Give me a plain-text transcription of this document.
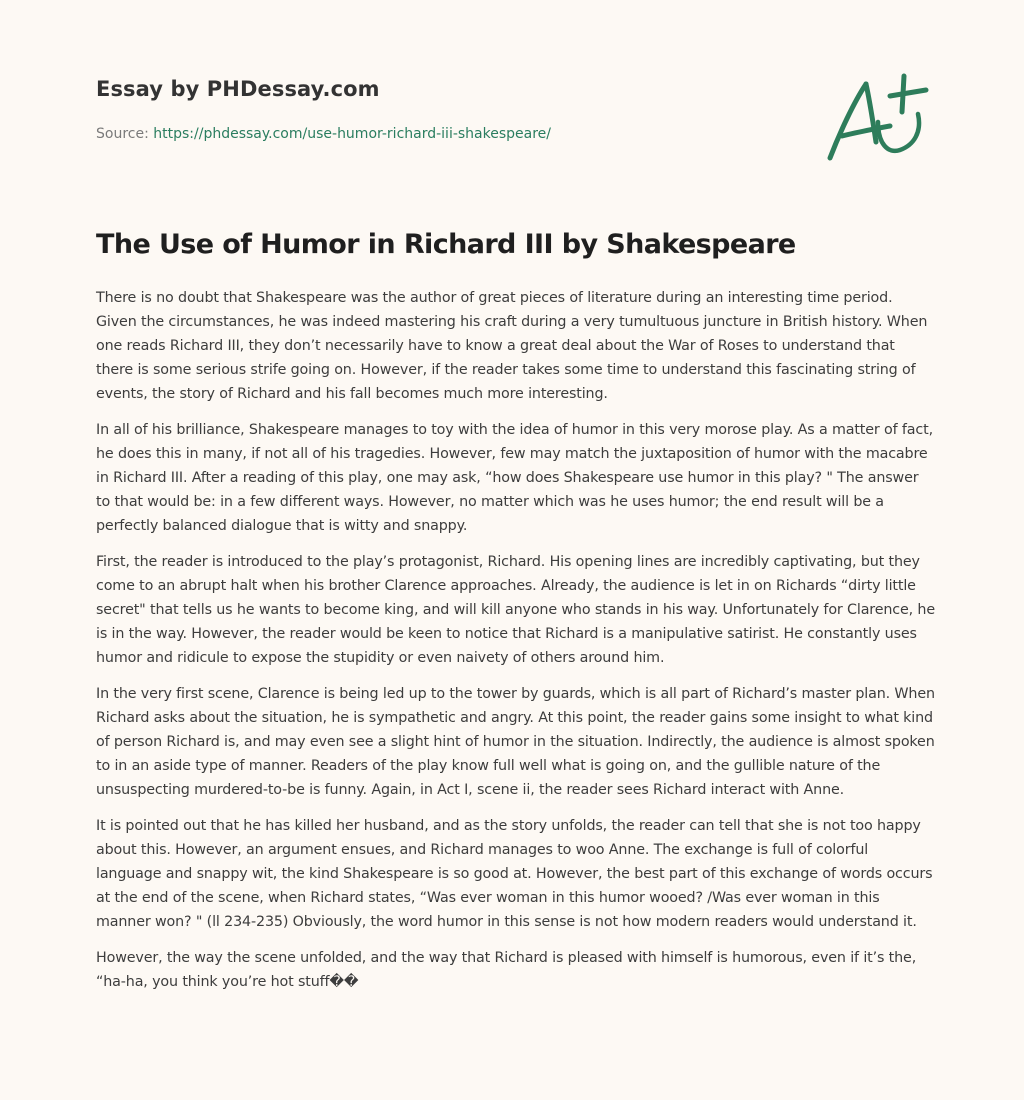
Essay by PHDessay.com
Source: https://phdessay.com/use-humor-richard-iii-shakespeare/
The Use of Humor in Richard III by Shakespeare

There is no doubt that Shakespeare was the author of great pieces of literature during an interesting time period. Given the circumstances, he was indeed mastering his craft during a very tumultuous juncture in British history. When one reads Richard III, they don’t necessarily have to know a great deal about the War of Roses to understand that there is some serious strife going on. However, if the reader takes some time to understand this fascinating string of events, the story of Richard and his fall becomes much more interesting.

In all of his brilliance, Shakespeare manages to toy with the idea of humor in this very morose play. As a matter of fact, he does this in many, if not all of his tragedies. However, few may match the juxtaposition of humor with the macabre in Richard III. After a reading of this play, one may ask, “how does Shakespeare use humor in this play? " The answer to that would be: in a few different ways. However, no matter which was he uses humor; the end result will be a perfectly balanced dialogue that is witty and snappy.

First, the reader is introduced to the play’s protagonist, Richard. His opening lines are incredibly captivating, but they come to an abrupt halt when his brother Clarence approaches. Already, the audience is let in on Richards “dirty little secret" that tells us he wants to become king, and will kill anyone who stands in his way. Unfortunately for Clarence, he is in the way. However, the reader would be keen to notice that Richard is a manipulative satirist. He constantly uses humor and ridicule to expose the stupidity or even naivety of others around him.

In the very first scene, Clarence is being led up to the tower by guards, which is all part of Richard’s master plan. When Richard asks about the situation, he is sympathetic and angry. At this point, the reader gains some insight to what kind of person Richard is, and may even see a slight hint of humor in the situation. Indirectly, the audience is almost spoken to in an aside type of manner. Readers of the play know full well what is going on, and the gullible nature of the unsuspecting murdered-to-be is funny. Again, in Act I, scene ii, the reader sees Richard interact with Anne.

It is pointed out that he has killed her husband, and as the story unfolds, the reader can tell that she is not too happy about this. However, an argument ensues, and Richard manages to woo Anne. The exchange is full of colorful language and snappy wit, the kind Shakespeare is so good at. However, the best part of this exchange of words occurs at the end of the scene, when Richard states, “Was ever woman in this humor wooed? /Was ever woman in this manner won? " (ll 234-235) Obviously, the word humor in this sense is not how modern readers would understand it.

However, the way the scene unfolded, and the way that Richard is pleased with himself is humorous, even if it’s the, “ha-ha, you think you’re hot stuff��
